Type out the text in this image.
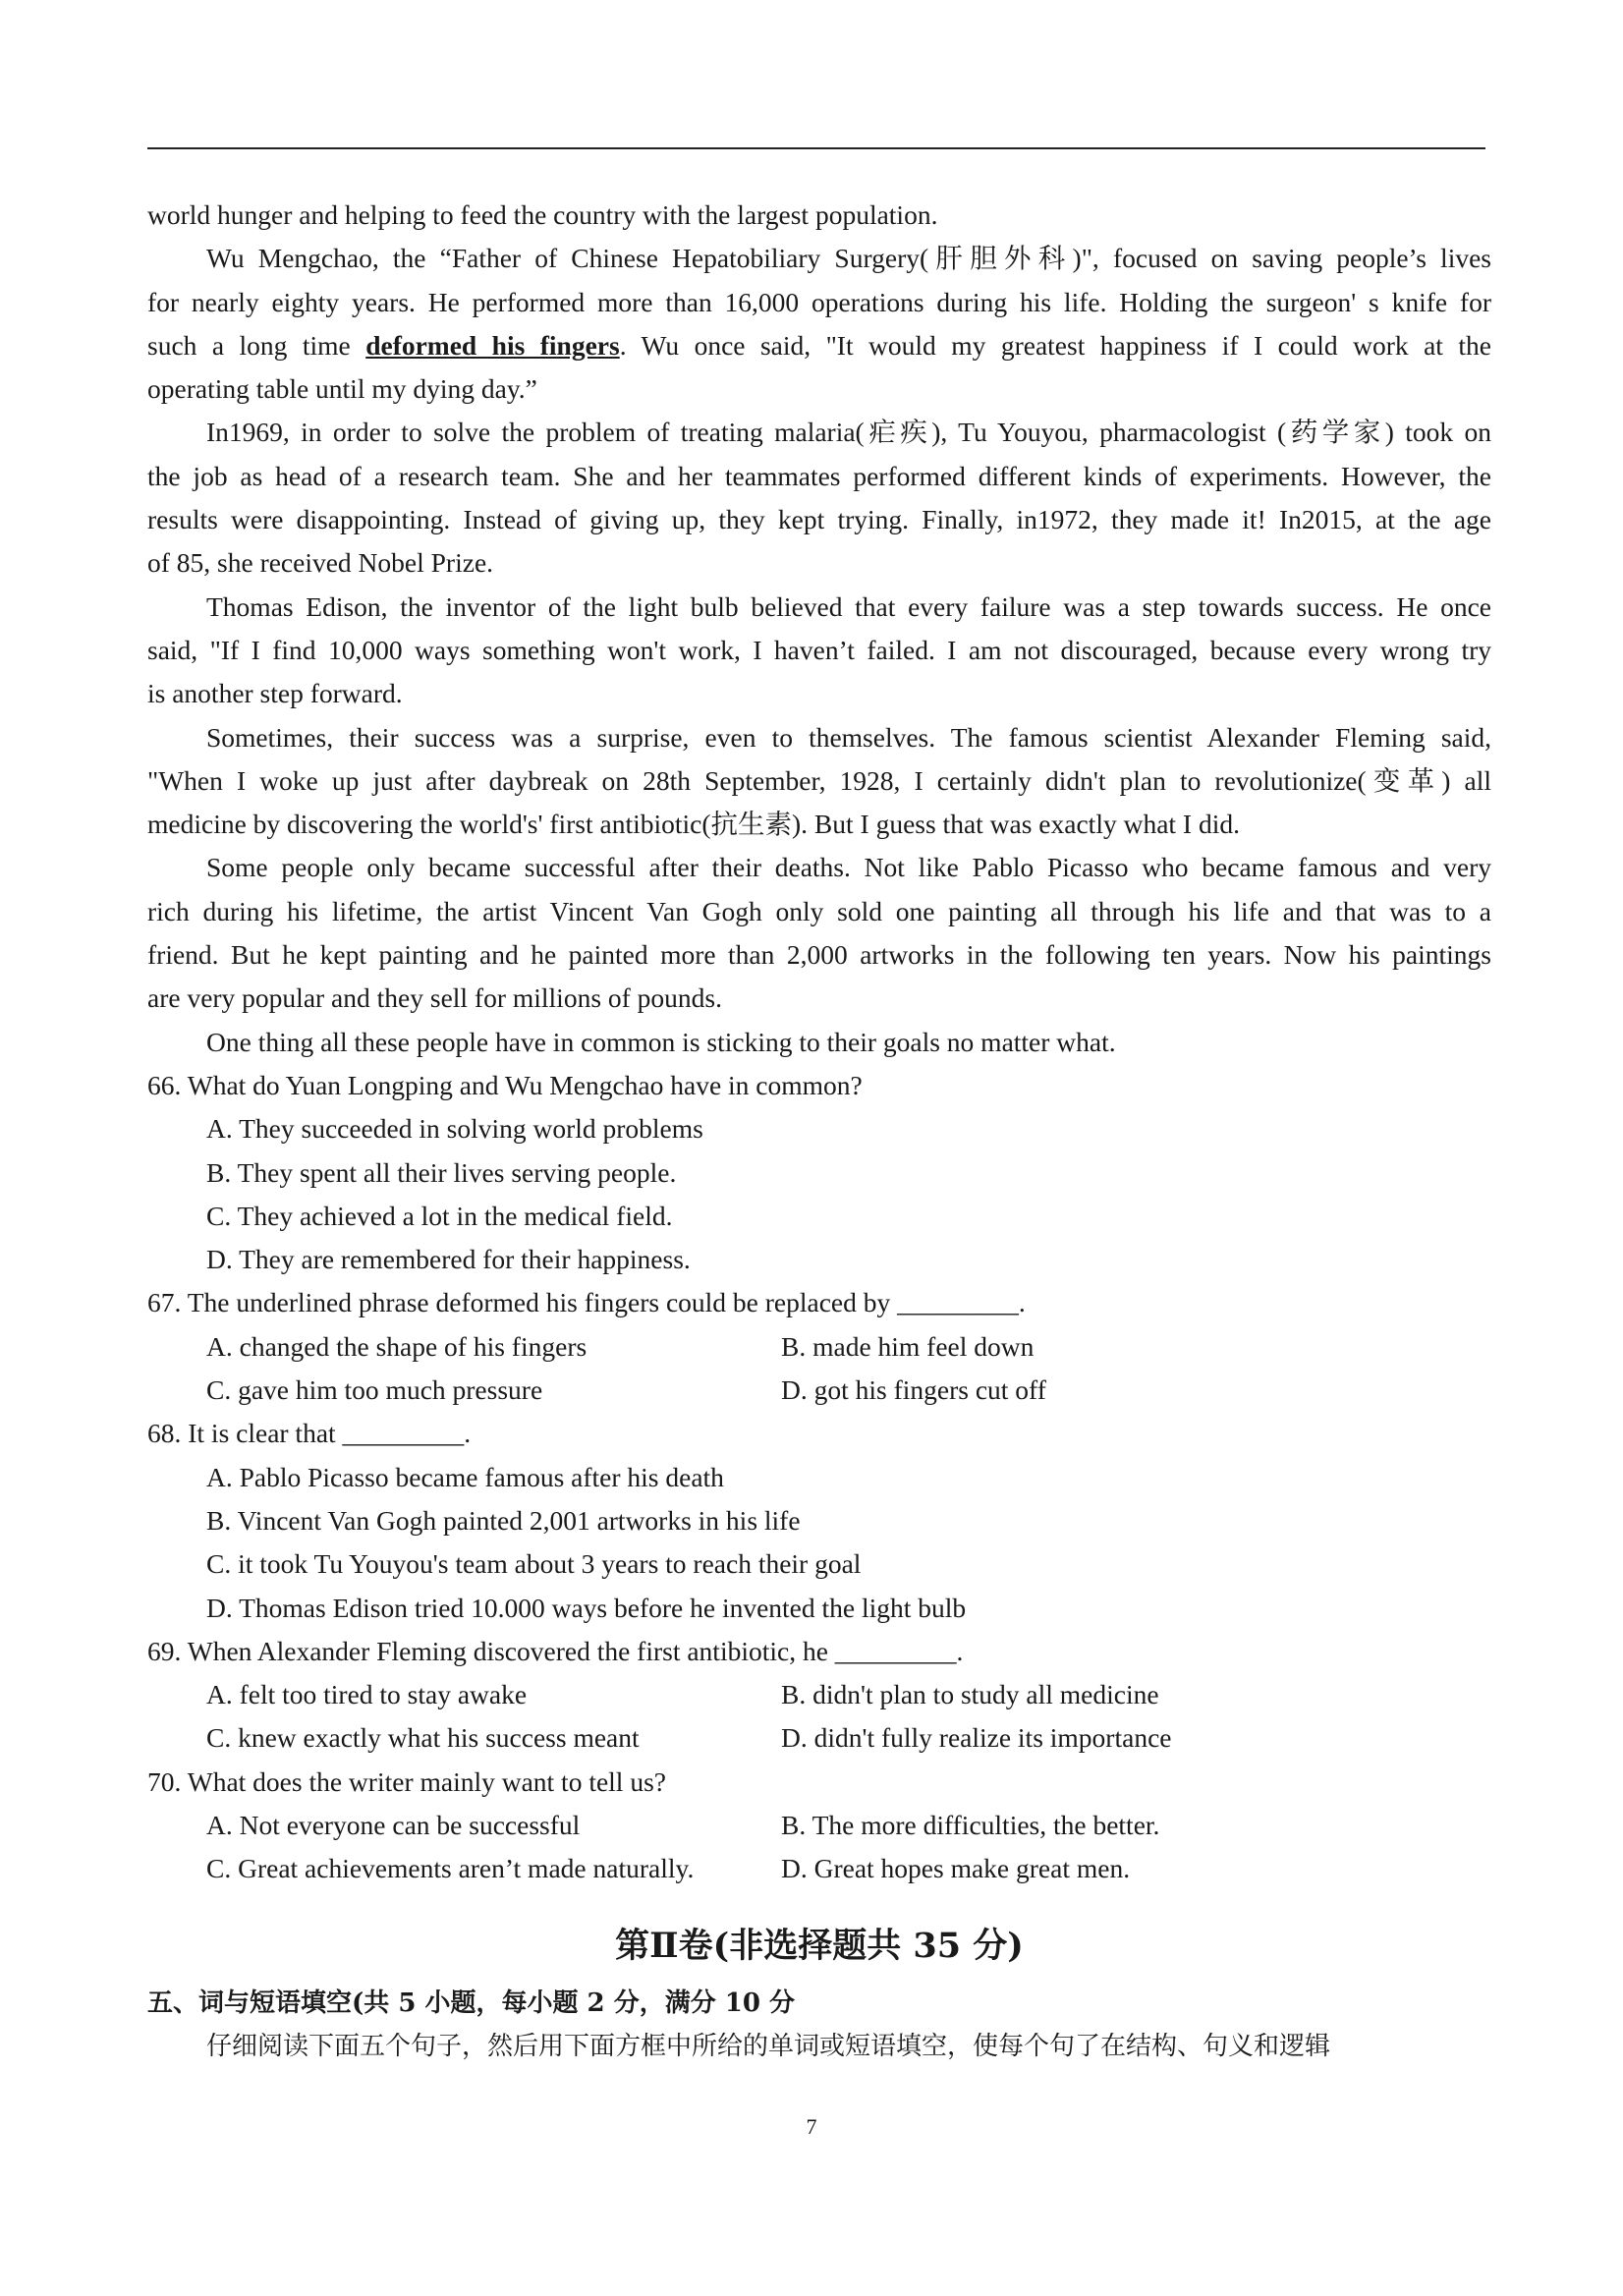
world hunger and helping to feed the country with the largest population.
Wu Mengchao, the “Father of Chinese Hepatobiliary Surgery(肝胆外科)", focused on saving people’s lives
for nearly eighty years. He performed more than 16,000 operations during his life. Holding the surgeon' s knife for
such a long time deformed his fingers. Wu once said, "It would my greatest happiness if I could work at the
operating table until my dying day.”
In1969, in order to solve the problem of treating malaria(疟疾), Tu Youyou, pharmacologist (药学家) took on
the job as head of a research team. She and her teammates performed different kinds of experiments. However, the
results were disappointing. Instead of giving up, they kept trying. Finally, in1972, they made it! In2015, at the age
of 85, she received Nobel Prize.
Thomas Edison, the inventor of the light bulb believed that every failure was a step towards success. He once
said, "If I find 10,000 ways something won't work, I haven’t failed. I am not discouraged, because every wrong try
is another step forward.
Sometimes, their success was a surprise, even to themselves. The famous scientist Alexander Fleming said,
"When I woke up just after daybreak on 28th September, 1928, I certainly didn't plan to revolutionize(变革) all
medicine by discovering the world's' first antibiotic(抗生素). But I guess that was exactly what I did.
Some people only became successful after their deaths. Not like Pablo Picasso who became famous and very
rich during his lifetime, the artist Vincent Van Gogh only sold one painting all through his life and that was to a
friend. But he kept painting and he painted more than 2,000 artworks in the following ten years. Now his paintings
are very popular and they sell for millions of pounds.
One thing all these people have in common is sticking to their goals no matter what.
66. What do Yuan Longping and Wu Mengchao have in common?
A. They succeeded in solving world problems
B. They spent all their lives serving people.
C. They achieved a lot in the medical field.
D. They are remembered for their happiness.
67. The underlined phrase deformed his fingers could be replaced by _________.
A. changed the shape of his fingers	B. made him feel down
C. gave him too much pressure	D. got his fingers cut off
68. It is clear that _________.
A. Pablo Picasso became famous after his death
B. Vincent Van Gogh painted 2,001 artworks in his life
C. it took Tu Youyou's team about 3 years to reach their goal
D. Thomas Edison tried 10.000 ways before he invented the light bulb
69. When Alexander Fleming discovered the first antibiotic, he _________.
A. felt too tired to stay awake	B. didn't plan to study all medicine
C. knew exactly what his success meant	D. didn't fully realize its importance
70. What does the writer mainly want to tell us?
A. Not everyone can be successful	B. The more difficulties, the better.
C. Great achievements aren’t made naturally.	D. Great hopes make great men.
第Ⅱ卷(非选择题共 35 分)
五、词与短语填空(共 5 小题，每小题 2 分，满分 10 分
仔细阅读下面五个句子，然后用下面方框中所给的单词或短语填空，使每个句了在结构、句义和逻辑
7
